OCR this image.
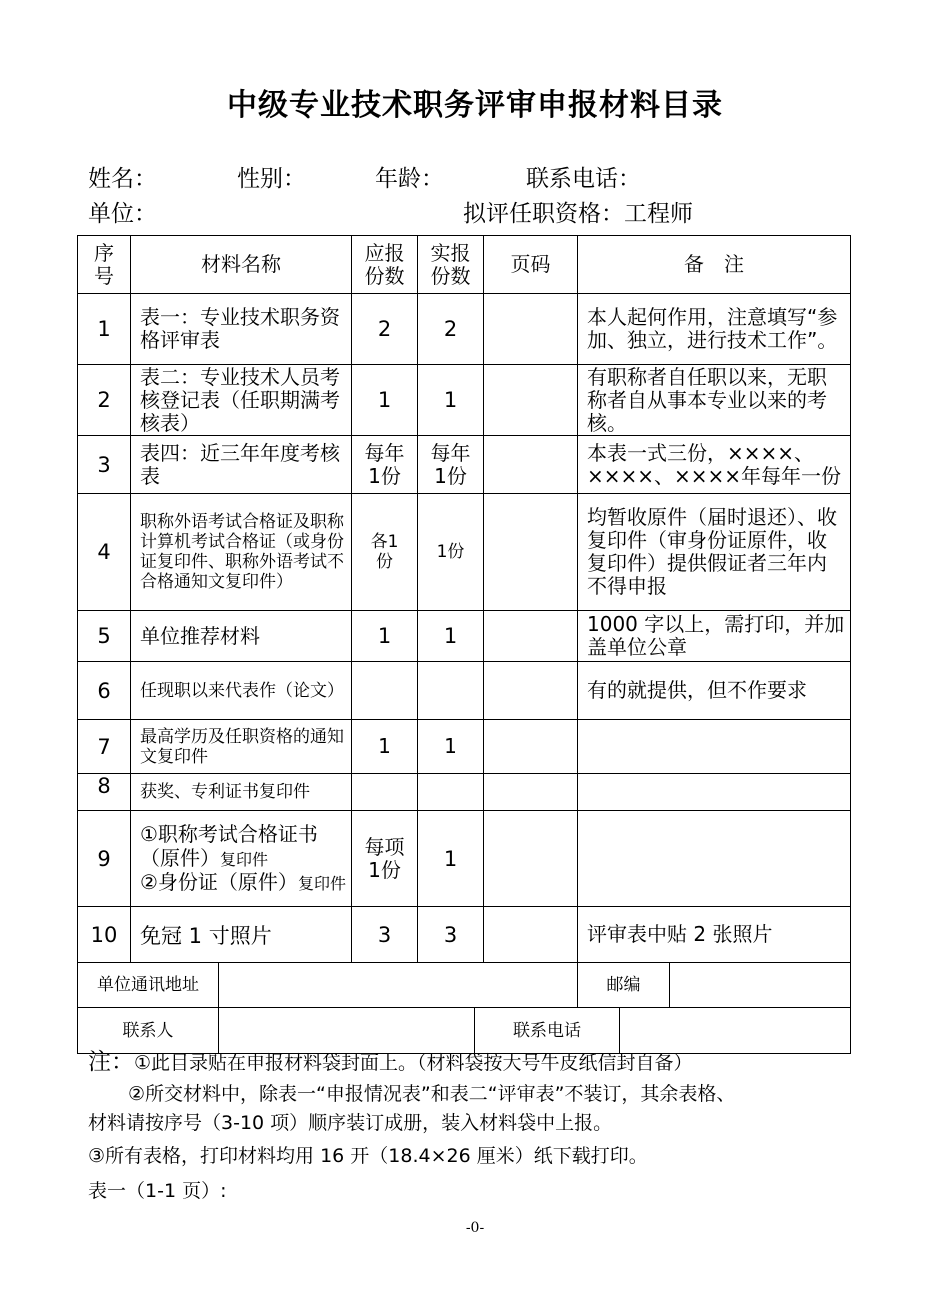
中级专业技术职务评审申报材料目录
姓名：	性别：	年龄：	联系电话：
单位：	拟评任职资格：工程师
序号	材料名称		应报份数	实报份数	页码	备　注	
1	表一：专业技术职务资格评审表		2	2		本人起何作用，注意填写“参加、独立，进行技术工作”。	
2	表二：专业技术人员考核登记表（任职期满考核表）		1	1		有职称者自任职以来，无职称者自从事本专业以来的考核。	
3	表四：近三年年度考核表		每年1份	每年1份		本表一式三份，××××、××××、××××年每年一份	
4	职称外语考试合格证及职称计算机考试合格证（或身份证复印件、职称外语考试不合格通知文复印件）		各1份	1份		均暂收原件（届时退还）、收复印件（审身份证原件，收复印件）提供假证者三年内不得申报	
5	单位推荐材料		1	1		1000 字以上，需打印，并加盖单位公章	
6	任现职以来代表作（论文）					有的就提供，但不作要求	
7	最高学历及任职资格的通知文复印件		1	1			
8	获奖、专利证书复印件						
9	①职称考试合格证书（原件）复印件
②身份证（原件）复印件		每项1份	1			
10	免冠 1 寸照片		3	3		评审表中贴 2 张照片	
单位通讯地址						邮编	
联系人		联系电话	
注：①此目录贴在申报材料袋封面上。（材料袋按大号牛皮纸信封自备）
②所交材料中，除表一“申报情况表”和表二“评审表”不装订，其余表格、
材料请按序号（3-10 项）顺序装订成册，装入材料袋中上报。
③所有表格，打印材料均用 16 开（18.4×26 厘米）纸下载打印。
表一（1-1 页）:
-0-
